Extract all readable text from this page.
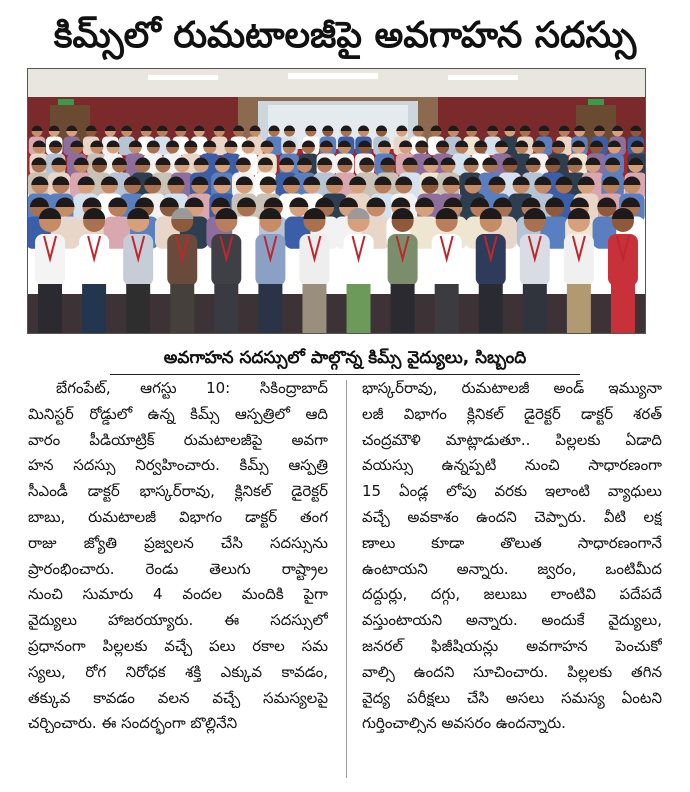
కిమ్స్‌లో రుమటాలజీపై అవగాహన సదస్సు
అవగాహన సదస్సులో పాల్గొన్న కిమ్స్ వైద్యులు, సిబ్బంది
బేగంపేట్, ఆగస్టు 10: సికింద్రాబాద్
మినిస్టర్ రోడ్డులో ఉన్న కిమ్స్ ఆస్పత్రిలో ఆది
వారం పీడియాట్రిక్ రుమటాలజీపై అవగా
హన సదస్సు నిర్వహించారు. కిమ్స్ ఆస్పత్రి
సీఎండీ డాక్టర్ భాస్కర్‌రావు, క్లినికల్ డైరెక్టర్
బాబు, రుమటాలజీ విభాగం డాక్టర్ తంగ
రాజు జ్యోతి ప్రజ్వలన చేసి సదస్సును
ప్రారంభించారు. రెండు తెలుగు రాష్ట్రాల
నుంచి సుమారు 4 వందల మందికి పైగా
వైద్యులు హాజరయ్యారు. ఈ సదస్సులో
ప్రధానంగా పిల్లలకు వచ్చే పలు రకాల సమ
స్యలు, రోగ నిరోధక శక్తి ఎక్కువ కావడం,
తక్కువ కావడం వలన వచ్చే సమస్యలపై
చర్చించారు. ఈ సందర్భంగా బొల్లినేని
భాస్కర్‌రావు, రుమటాలజీ అండ్ ఇమ్యునా
లజీ విభాగం క్లినికల్ డైరెక్టర్ డాక్టర్ శరత్
చంద్రమౌళి మాట్లాడుతూ.. పిల్లలకు ఏడాది
వయస్సు ఉన్నప్పటి నుంచి సాధారణంగా
15 ఏండ్ల లోపు వరకు ఇలాంటి వ్యాధులు
వచ్చే అవకాశం ఉందని చెప్పారు. వీటి లక్ష
ణాలు కూడా తొలుత సాధారణంగానే
ఉంటాయని అన్నారు. జ్వరం, ఒంటిమీద
దద్దుర్లు, దగ్గు, జలుబు లాంటివి పదేపదే
వస్తుంటాయని అన్నారు. అందుకే వైద్యులు,
జనరల్ ఫిజీషియన్లు అవగాహన పెంచుకో
వాల్సి ఉందని సూచించారు. పిల్లలకు తగిన
వైద్య పరీక్షలు చేసి అసలు సమస్య ఏంటని
గుర్తించాల్సిన అవసరం ఉందన్నారు.
